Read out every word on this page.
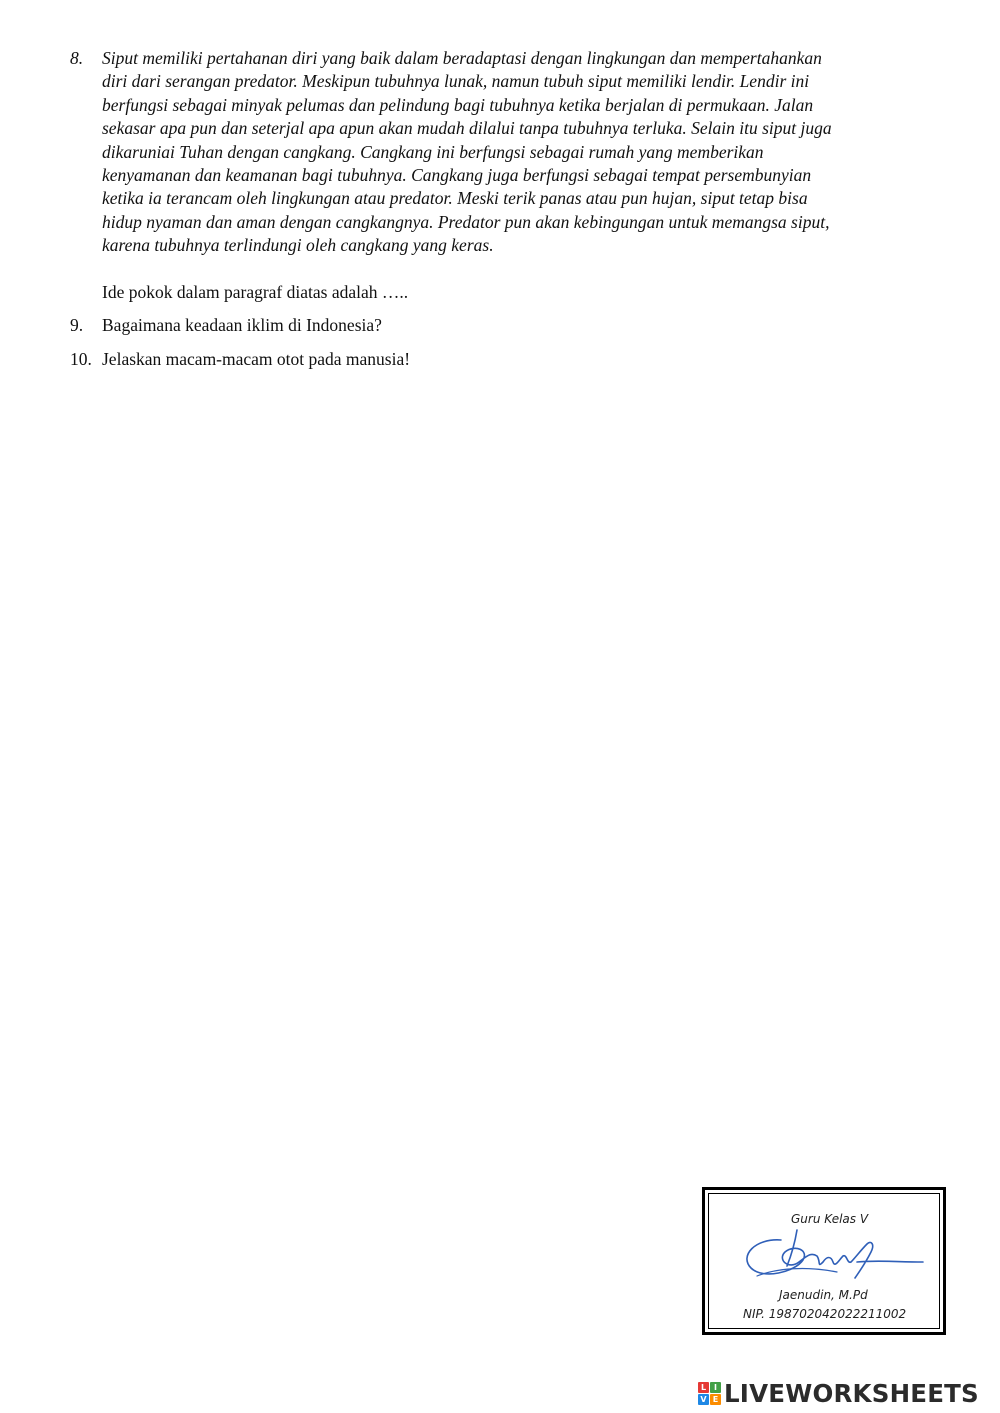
8. Siput memiliki pertahanan diri yang baik dalam beradaptasi dengan lingkungan dan mempertahankan
diri dari serangan predator. Meskipun tubuhnya lunak, namun tubuh siput memiliki lendir. Lendir ini
berfungsi sebagai minyak pelumas dan pelindung bagi tubuhnya ketika berjalan di permukaan. Jalan
sekasar apa pun dan seterjal apa apun akan mudah dilalui tanpa tubuhnya terluka. Selain itu siput juga
dikaruniai Tuhan dengan cangkang. Cangkang ini berfungsi sebagai rumah yang memberikan
kenyamanan dan keamanan bagi tubuhnya. Cangkang juga berfungsi sebagai tempat persembunyian
ketika ia terancam oleh lingkungan atau predator. Meski terik panas atau pun hujan, siput tetap bisa
hidup nyaman dan aman dengan cangkangnya. Predator pun akan kebingungan untuk memangsa siput,
karena tubuhnya terlindungi oleh cangkang yang keras.
Ide pokok dalam paragraf diatas adalah …..
9. Bagaimana keadaan iklim di Indonesia?
10. Jelaskan macam-macam otot pada manusia!
Guru Kelas V
Jaenudin, M.Pd
NIP. 198702042022211002
L I
V E LIVEWORKSHEETS
